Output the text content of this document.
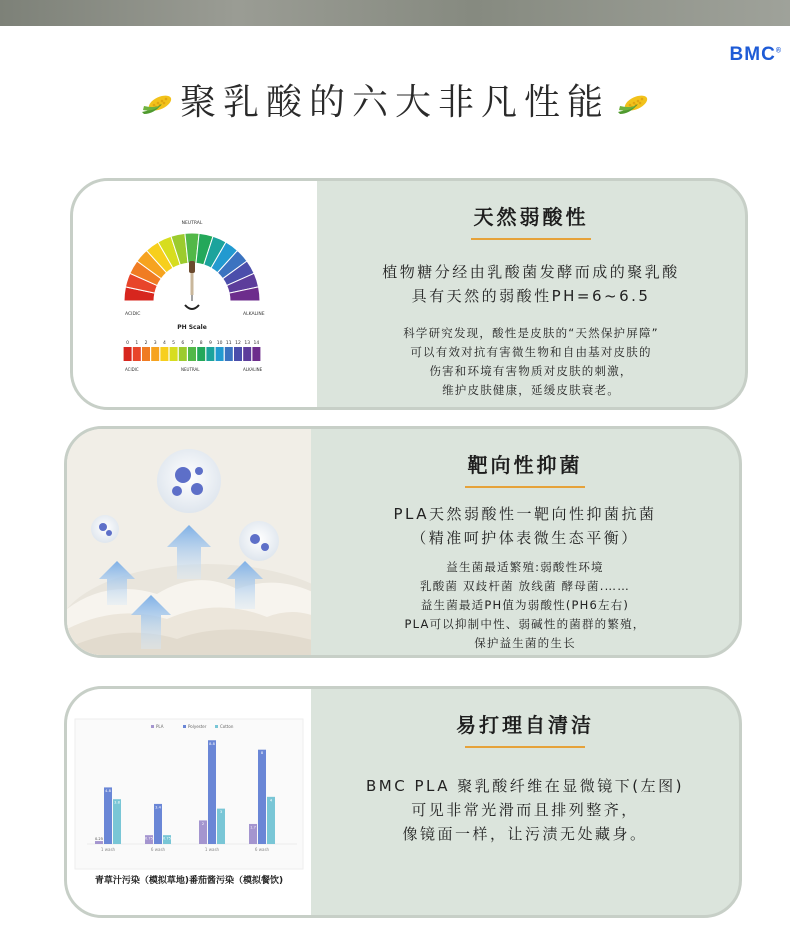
BMC®
聚乳酸的六大非凡性能
NEUTRAL
ACIDIC	ALKALINE
PH Scale
0 1 2 3 4 5 6 7 8 9 10 11 12 13 14
ACIDIC	NEUTRAL	ALKALINE
天然弱酸性
植物糖分经由乳酸菌发酵而成的聚乳酸
具有天然的弱酸性PH=6~6.5
科学研究发现，酸性是皮肤的“天然保护屏障”
可以有效对抗有害微生物和自由基对皮肤的
伤害和环境有害物质对皮肤的刺激，
维护皮肤健康，延缓皮肤衰老。
靶向性抑菌
PLA天然弱酸性一靶向性抑菌抗菌
（精准呵护体表微生态平衡）
益生菌最适繁殖:弱酸性环境
乳酸菌 双歧杆菌 放线菌 酵母菌.……
益生菌最适PH值为弱酸性(PH6左右)
PLA可以抑制中性、弱碱性的菌群的繁殖，
保护益生菌的生长
PLA	Polyester	Cotton
0.25
4.8
3.8
0.75
3.4
0.75
2
8.8
3
1.7
8
4
1 wash	6 wash	1 wash	6 wash
青草汁污染（模拟草地)番茄酱污染（模拟餐饮)
易打理自清洁
BMC PLA 聚乳酸纤维在显微镜下(左图)
可见非常光滑而且排列整齐，
像镜面一样，让污渍无处藏身。
